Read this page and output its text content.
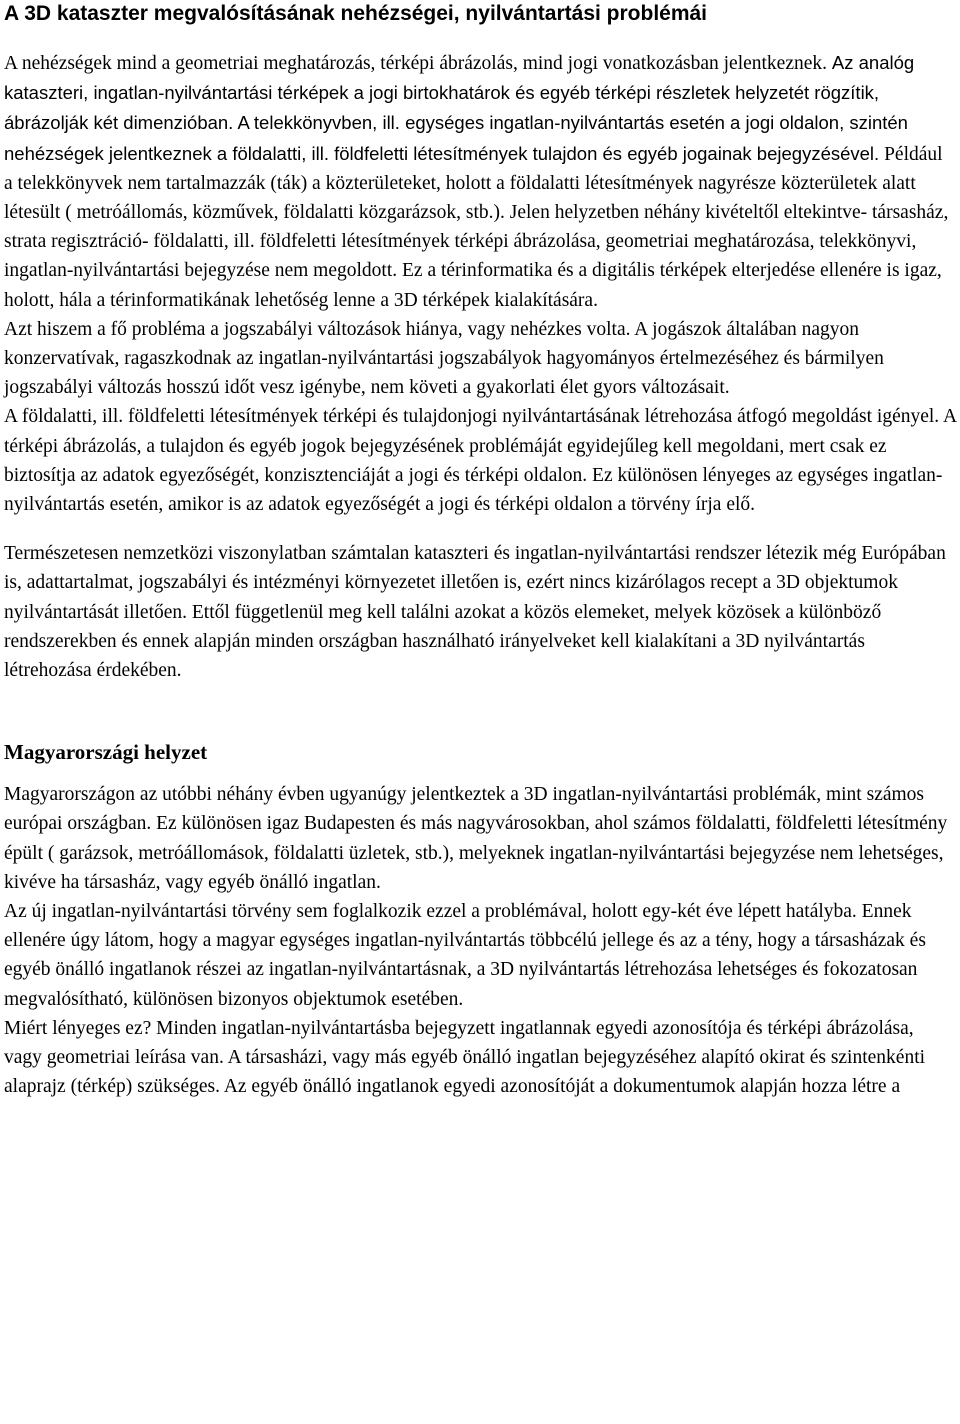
A 3D kataszter megvalósításának nehézségei, nyilvántartási problémái

A nehézségek mind a geometriai meghatározás, térképi ábrázolás, mind jogi vonatkozásban jelentkeznek. Az analóg kataszteri, ingatlan-nyilvántartási térképek a jogi birtokhatárok és egyéb térképi részletek helyzetét rögzítik, ábrázolják két dimenzióban. A telekkönyvben, ill. egységes ingatlan-nyilvántartás esetén a jogi oldalon, szintén nehézségek jelentkeznek a földalatti, ill. földfeletti létesítmények tulajdon és egyéb jogainak bejegyzésével. Például a telekkönyvek nem tartalmazzák (ták) a közterületeket, holott a földalatti létesítmények nagyrésze közterületek alatt létesült ( metróállomás, közművek, földalatti közgarázsok, stb.). Jelen helyzetben néhány kivételtől eltekintve- társasház, strata regisztráció- földalatti, ill. földfeletti létesítmények térképi ábrázolása, geometriai meghatározása, telekkönyvi, ingatlan-nyilvántartási bejegyzése nem megoldott. Ez a térinformatika és a digitális térképek elterjedése ellenére is igaz, holott, hála a térinformatikának lehetőség lenne a 3D térképek kialakítására.

Azt hiszem a fő probléma a jogszabályi változások hiánya, vagy nehézkes volta. A jogászok általában nagyon konzervatívak, ragaszkodnak az ingatlan-nyilvántartási jogszabályok hagyományos értelmezéséhez és bármilyen jogszabályi változás hosszú időt vesz igénybe, nem követi a gyakorlati élet gyors változásait.

A földalatti, ill. földfeletti létesítmények térképi és tulajdonjogi nyilvántartásának létrehozása átfogó megoldást igényel. A térképi ábrázolás, a tulajdon és egyéb jogok bejegyzésének problémáját egyidejűleg kell megoldani, mert csak ez biztosítja az adatok egyezőségét, konzisztenciáját a jogi és térképi oldalon. Ez különösen lényeges az egységes ingatlan-nyilvántartás esetén, amikor is az adatok egyezőségét a jogi és térképi oldalon a törvény írja elő.

Természetesen nemzetközi viszonylatban számtalan kataszteri és ingatlan-nyilvántartási rendszer létezik még Európában is, adattartalmat, jogszabályi és intézményi környezetet illetően is, ezért nincs kizárólagos recept a 3D objektumok nyilvántartását illetően. Ettől függetlenül meg kell találni azokat a közös elemeket, melyek közösek a különböző rendszerekben és ennek alapján minden országban használható irányelveket kell kialakítani a 3D nyilvántartás létrehozása érdekében.

Magyarországi helyzet

Magyarországon az utóbbi néhány évben ugyanúgy jelentkeztek a 3D ingatlan-nyilvántartási problémák, mint számos európai országban. Ez különösen igaz Budapesten és más nagyvárosokban, ahol számos földalatti, földfeletti létesítmény épült ( garázsok, metróállomások, földalatti üzletek, stb.), melyeknek ingatlan-nyilvántartási bejegyzése nem lehetséges, kivéve ha társasház, vagy egyéb önálló ingatlan.

Az új ingatlan-nyilvántartási törvény sem foglalkozik ezzel a problémával, holott egy-két éve lépett hatályba. Ennek ellenére úgy látom, hogy a magyar egységes ingatlan-nyilvántartás többcélú jellege és az a tény, hogy a társasházak és egyéb önálló ingatlanok részei az ingatlan-nyilvántartásnak, a 3D nyilvántartás létrehozása lehetséges és fokozatosan megvalósítható, különösen bizonyos objektumok esetében.

Miért lényeges ez? Minden ingatlan-nyilvántartásba bejegyzett ingatlannak egyedi azonosítója és térképi ábrázolása, vagy geometriai leírása van. A társasházi, vagy más egyéb önálló ingatlan bejegyzéséhez alapító okirat és szintenkénti alaprajz (térkép) szükséges. Az egyéb önálló ingatlanok egyedi azonosítóját a dokumentumok alapján hozza létre a
